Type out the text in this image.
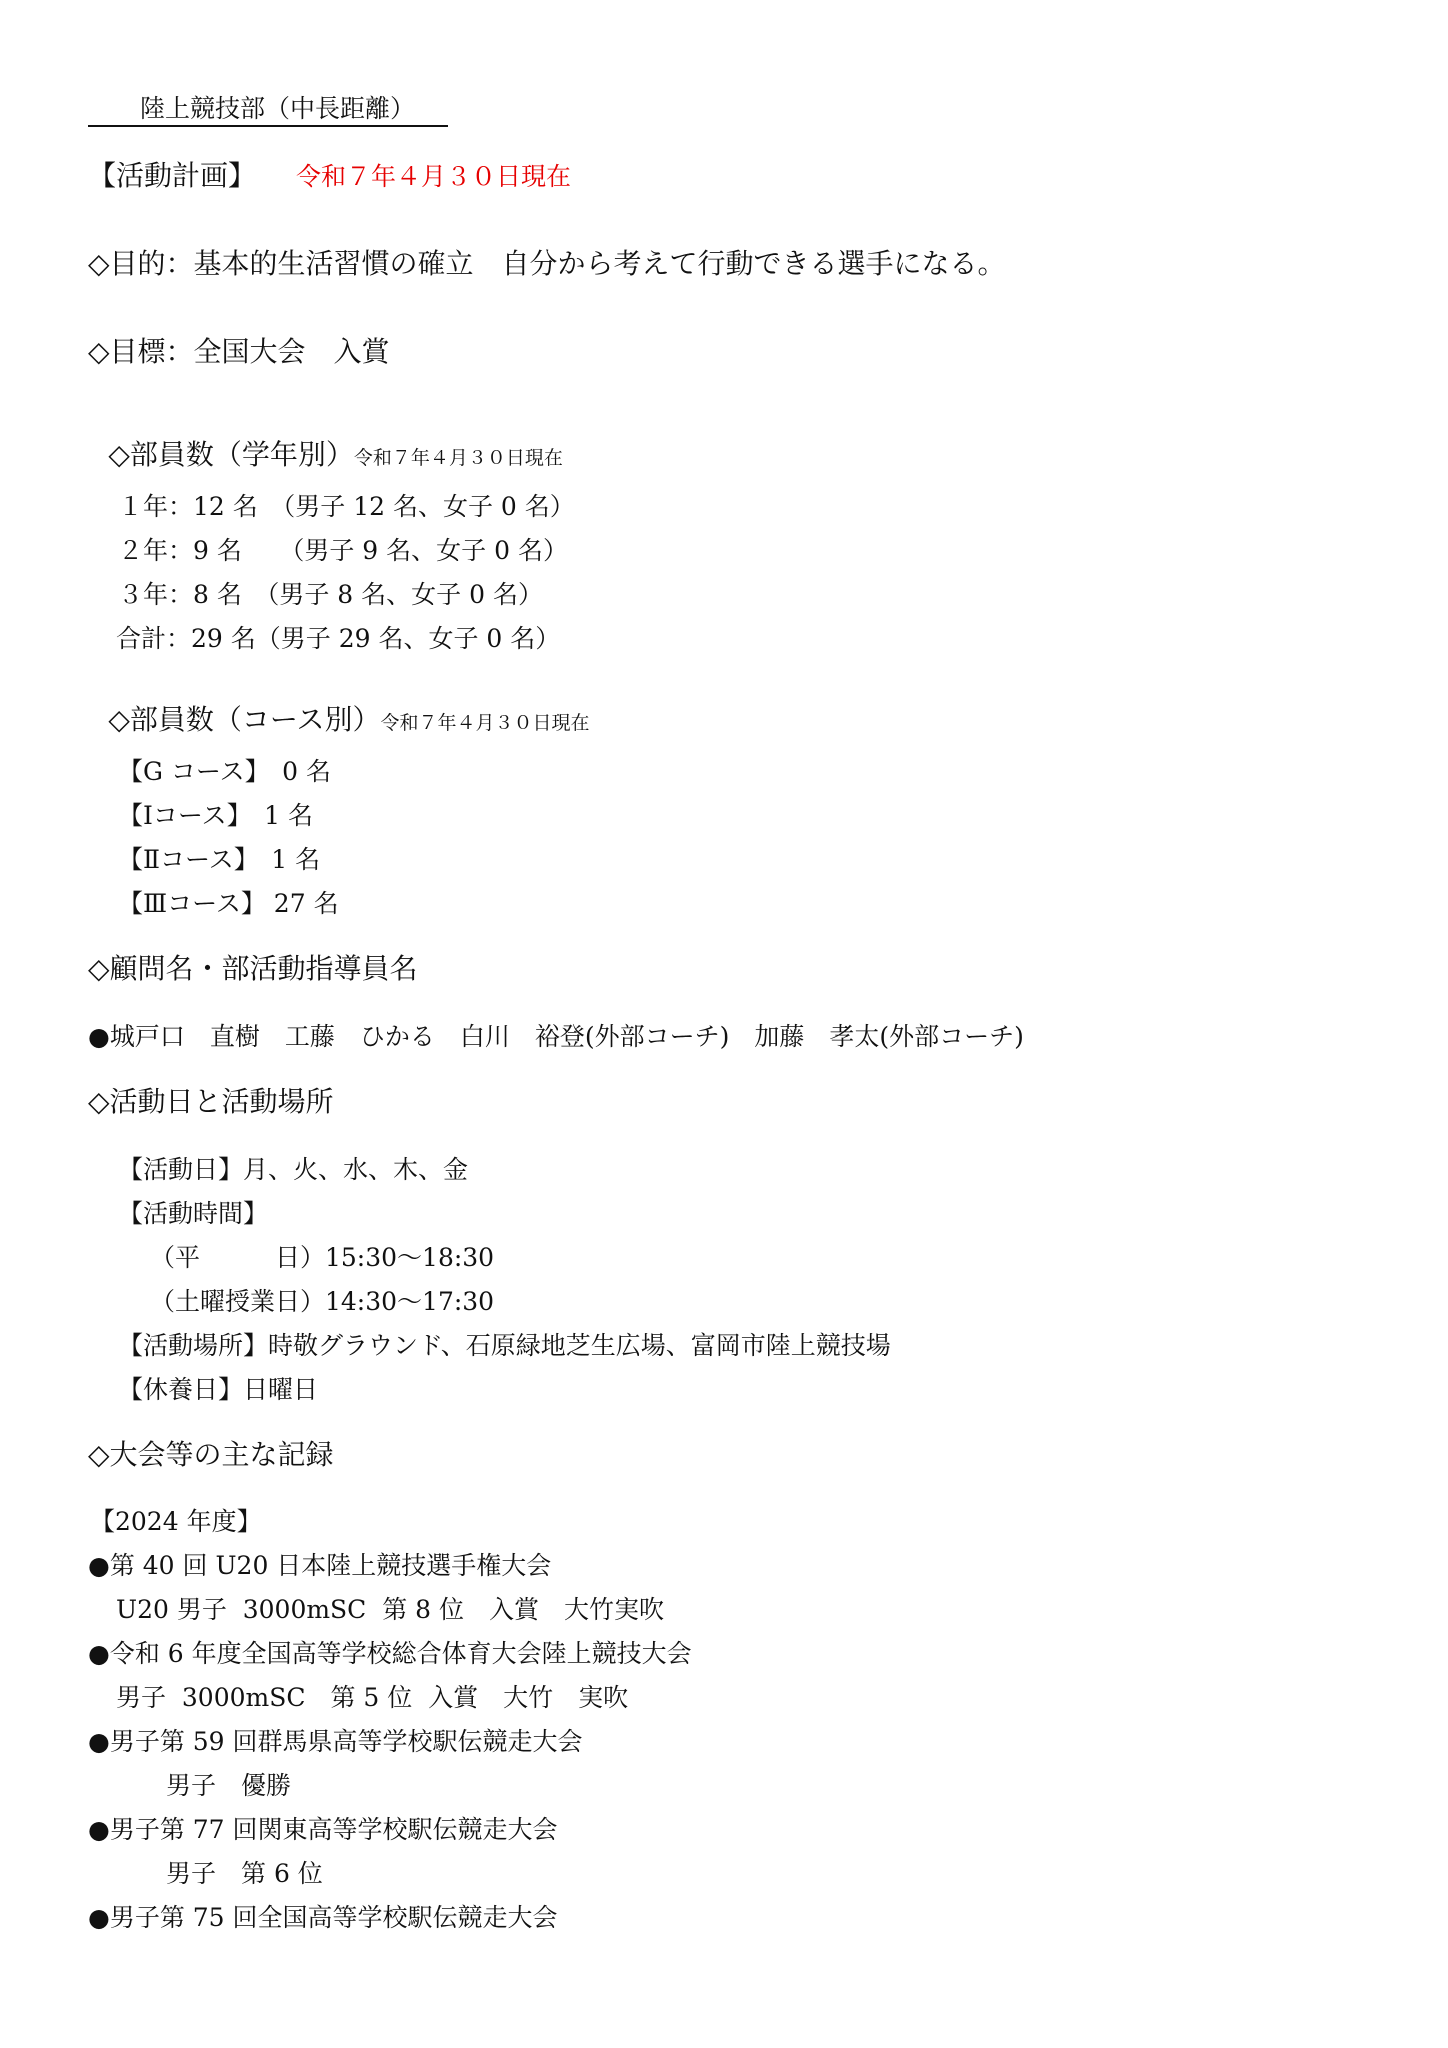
陸上競技部（中長距離）
【活動計画】 令和７年４月３０日現在
◇目的：基本的生活習慣の確立　自分から考えて行動できる選手になる。
◇目標：全国大会　入賞

◇部員数（学年別）令和７年４月３０日現在

１年：12 名　（男子 12 名、女子 0 名）
２年：9 名　　（男子 9 名、女子 0 名）
３年：8 名　（男子 8 名、女子 0 名）
合計：29 名（男子 29 名、女子 0 名）

◇部員数（コース別）令和７年４月３０日現在

【G コース】　0 名
【Ⅰコース】　1 名
【Ⅱコース】　1 名
【Ⅲコース】 27 名
◇顧問名・部活動指導員名
●城戸口　直樹　工藤　ひかる　白川　裕登(外部コーチ)　加藤　孝太(外部コーチ)
◇活動日と活動場所
【活動日】月、火、水、木、金
【活動時間】
（平　　　日）15:30～18:30
（土曜授業日）14:30～17:30
【活動場所】時敬グラウンド、石原緑地芝生広場、富岡市陸上競技場
【休養日】日曜日
◇大会等の主な記録
【2024 年度】
●第 40 回 U20 日本陸上競技選手権大会
U20 男子  3000mSC  第 8 位　入賞　大竹実吹
●令和 6 年度全国高等学校総合体育大会陸上競技大会
男子  3000mSC　第 5 位  入賞　大竹　実吹
●男子第 59 回群馬県高等学校駅伝競走大会
男子　優勝
●男子第 77 回関東高等学校駅伝競走大会
男子　第 6 位
●男子第 75 回全国高等学校駅伝競走大会
